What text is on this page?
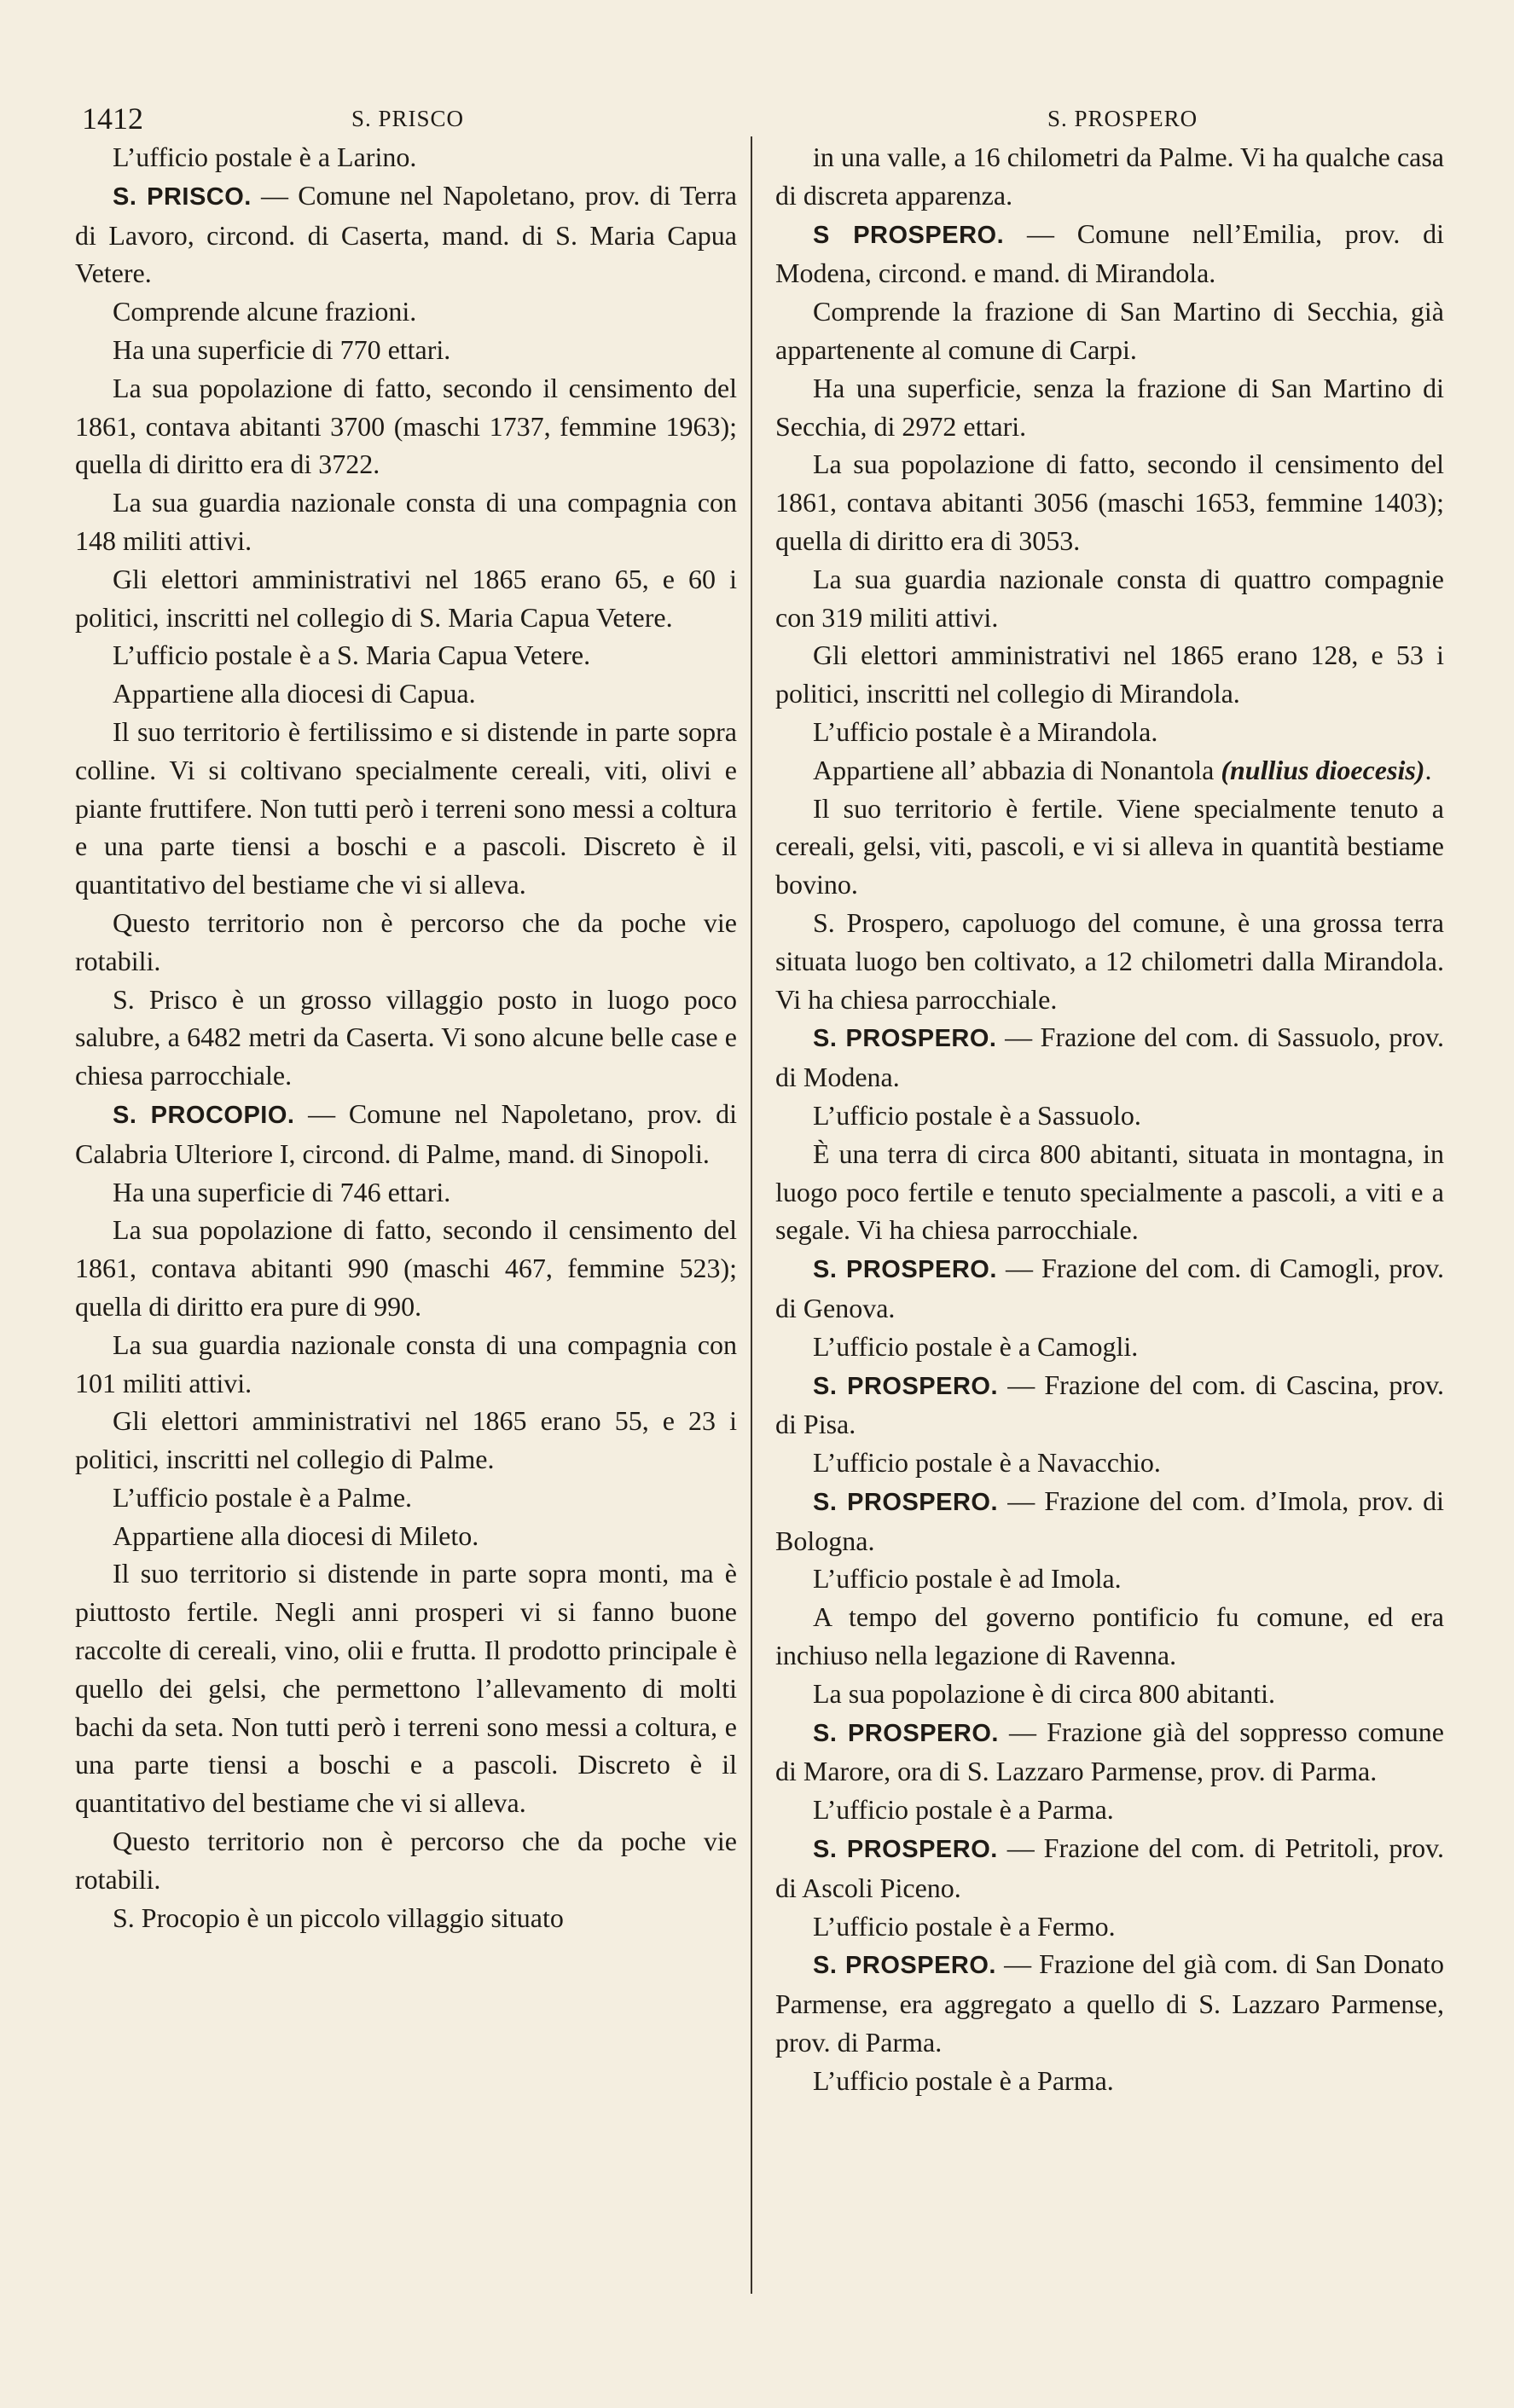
1412	S. PRISCO	S. PROSPERO

L’ufficio postale è a Larino.

S. PRISCO. — Comune nel Napoletano, prov. di Terra di Lavoro, circond. di Caserta, mand. di S. Maria Capua Vetere.

Comprende alcune frazioni.

Ha una superficie di 770 ettari.

La sua popolazione di fatto, secondo il censimento del 1861, contava abitanti 3700 (maschi 1737, femmine 1963); quella di diritto era di 3722.

La sua guardia nazionale consta di una compagnia con 148 militi attivi.

Gli elettori amministrativi nel 1865 erano 65, e 60 i politici, inscritti nel collegio di S. Maria Capua Vetere.

L’ufficio postale è a S. Maria Capua Vetere.

Appartiene alla diocesi di Capua.

Il suo territorio è fertilissimo e si distende in parte sopra colline. Vi si coltivano specialmente cereali, viti, olivi e piante fruttifere. Non tutti però i terreni sono messi a coltura e una parte tiensi a boschi e a pascoli. Discreto è il quantitativo del bestiame che vi si alleva.

Questo territorio non è percorso che da poche vie rotabili.

S. Prisco è un grosso villaggio posto in luogo poco salubre, a 6482 metri da Caserta. Vi sono alcune belle case e chiesa parrocchiale.

S. PROCOPIO. — Comune nel Napoletano, prov. di Calabria Ulteriore I, circond. di Palme, mand. di Sinopoli.

Ha una superficie di 746 ettari.

La sua popolazione di fatto, secondo il censimento del 1861, contava abitanti 990 (maschi 467, femmine 523); quella di diritto era pure di 990.

La sua guardia nazionale consta di una compagnia con 101 militi attivi.

Gli elettori amministrativi nel 1865 erano 55, e 23 i politici, inscritti nel collegio di Palme.

L’ufficio postale è a Palme.

Appartiene alla diocesi di Mileto.

Il suo territorio si distende in parte sopra monti, ma è piuttosto fertile. Negli anni prosperi vi si fanno buone raccolte di cereali, vino, olii e frutta. Il prodotto principale è quello dei gelsi, che permettono l’allevamento di molti bachi da seta. Non tutti però i terreni sono messi a coltura, e una parte tiensi a boschi e a pascoli. Discreto è il quantitativo del bestiame che vi si alleva.

Questo territorio non è percorso che da poche vie rotabili.

S. Procopio è un piccolo villaggio situato

in una valle, a 16 chilometri da Palme. Vi ha qualche casa di discreta apparenza.

S PROSPERO. — Comune nell’Emilia, prov. di Modena, circond. e mand. di Mirandola.

Comprende la frazione di San Martino di Secchia, già appartenente al comune di Carpi.

Ha una superficie, senza la frazione di San Martino di Secchia, di 2972 ettari.

La sua popolazione di fatto, secondo il censimento del 1861, contava abitanti 3056 (maschi 1653, femmine 1403); quella di diritto era di 3053.

La sua guardia nazionale consta di quattro compagnie con 319 militi attivi.

Gli elettori amministrativi nel 1865 erano 128, e 53 i politici, inscritti nel collegio di Mirandola.

L’ufficio postale è a Mirandola.

Appartiene all’ abbazia di Nonantola (nullius dioecesis).

Il suo territorio è fertile. Viene specialmente tenuto a cereali, gelsi, viti, pascoli, e vi si alleva in quantità bestiame bovino.

S. Prospero, capoluogo del comune, è una grossa terra situata luogo ben coltivato, a 12 chilometri dalla Mirandola. Vi ha chiesa parrocchiale.

S. PROSPERO. — Frazione del com. di Sassuolo, prov. di Modena.

L’ufficio postale è a Sassuolo.

È una terra di circa 800 abitanti, situata in montagna, in luogo poco fertile e tenuto specialmente a pascoli, a viti e a segale. Vi ha chiesa parrocchiale.

S. PROSPERO. — Frazione del com. di Camogli, prov. di Genova.

L’ufficio postale è a Camogli.

S. PROSPERO. — Frazione del com. di Cascina, prov. di Pisa.

L’ufficio postale è a Navacchio.

S. PROSPERO. — Frazione del com. d’Imola, prov. di Bologna.

L’ufficio postale è ad Imola.

A tempo del governo pontificio fu comune, ed era inchiuso nella legazione di Ravenna.

La sua popolazione è di circa 800 abitanti.

S. PROSPERO. — Frazione già del soppresso comune di Marore, ora di S. Lazzaro Parmense, prov. di Parma.

L’ufficio postale è a Parma.

S. PROSPERO. — Frazione del com. di Petritoli, prov. di Ascoli Piceno.

L’ufficio postale è a Fermo.

S. PROSPERO. — Frazione del già com. di San Donato Parmense, era aggregato a quello di S. Lazzaro Parmense, prov. di Parma.

L’ufficio postale è a Parma.
